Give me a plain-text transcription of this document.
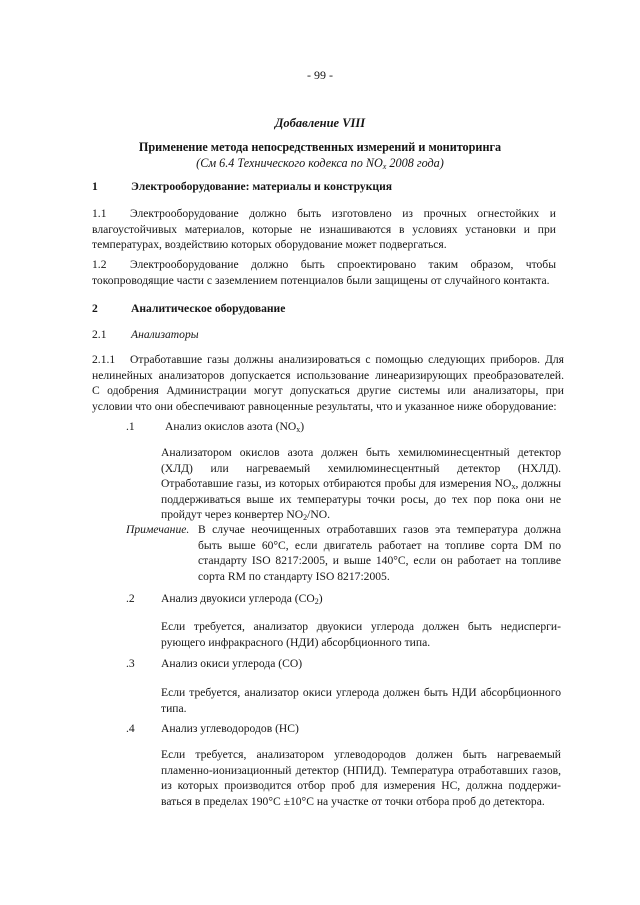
- 99 -
Добавление VIII
Применение метода непосредственных измерений и мониторинга
(См 6.4 Технического кодекса по $NO_x$ 2008 года)
1	Электрооборудование: материалы и конструкция
1.1	Электрооборудование должно быть изготовлено из прочных огнестойких и
влагоустойчивых материалов, которые не изнашиваются в условиях установки и при
температурах, воздействию которых оборудование может подвергаться.
1.2	Электрооборудование должно быть спроектировано таким образом, чтобы
токопроводящие части с заземлением потенциалов были защищены от случайного контакта.
2	Аналитическое оборудование
2.1 Анализаторы
2.1.1	Отработавшие газы должны анализироваться с помощью следующих приборов. Для
нелинейных анализаторов допускается использование линеаризирующих преобразователей.
С одобрения Администрации могут допускаться другие системы или анализаторы, при
условии что они обеспечивают равноценные результаты, что и указанное ниже оборудование:
.1	Анализ окислов азота $(NO_x)$
Анализатором окислов азота должен быть хемилюминесцентный детектор
(ХЛД) или нагреваемый хемилюминесцентный детектор (НХЛД).
Отработавшие газы, из которых отбираются пробы для измерения $NO_x$, должны
поддерживаться выше их температуры точки росы, до тех пор пока они не
пройдут через конвертер $NO_2/NO$.
Примечание. В случае неочищенных отработавших газов эта температура должна
быть выше 60°C, если двигатель работает на топливе сорта DM по
стандарту ISO 8217:2005, и выше 140°C, если он работает на топливе
сорта RM по стандарту ISO 8217:2005.
.2 Анализ двуокиси углерода $(CO_2)$
Если требуется, анализатор двуокиси углерода должен быть недисперги-
рующего инфракрасного (НДИ) абсорбционного типа.
.3 Анализ окиси углерода (CO)
Если требуется, анализатор окиси углерода должен быть НДИ абсорбционного
типа.
.4 Анализ углеводородов (HC)
Если требуется, анализатором углеводородов должен быть нагреваемый
пламенно-ионизационный детектор (НПИД). Температура отработавших газов,
из которых производится отбор проб для измерения HC, должна поддержи-
ваться в пределах 190°C ±10°C на участке от точки отбора проб до детектора.
